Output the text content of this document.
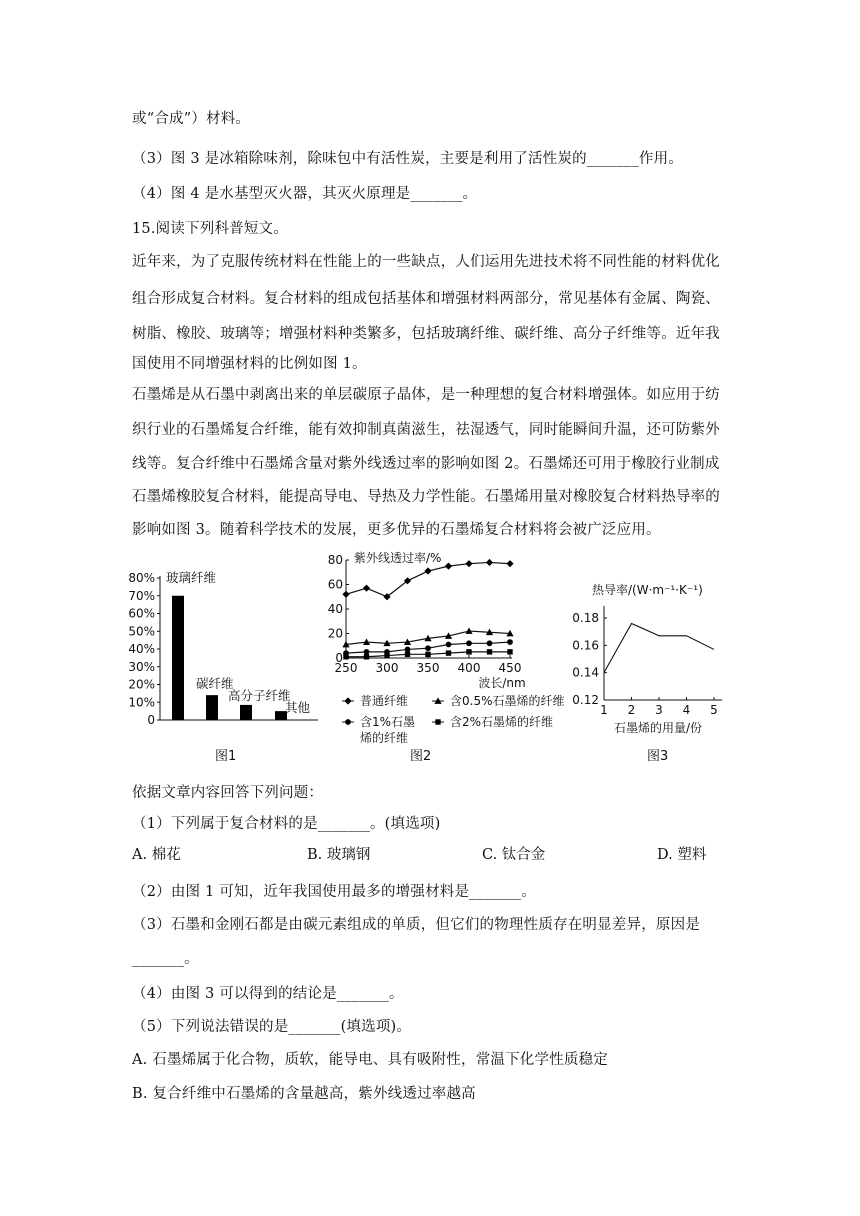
或“合成”）材料。
（3）图 3 是冰箱除味剂，除味包中有活性炭，主要是利用了活性炭的_______作用。
（4）图 4 是水基型灭火器，其灭火原理是_______。
15.阅读下列科普短文。
近年来，为了克服传统材料在性能上的一些缺点，人们运用先进技术将不同性能的材料优化
组合形成复合材料。复合材料的组成包括基体和增强材料两部分，常见基体有金属、陶瓷、
树脂、橡胶、玻璃等；增强材料种类繁多，包括玻璃纤维、碳纤维、高分子纤维等。近年我
国使用不同增强材料的比例如图 1。
石墨烯是从石墨中剥离出来的单层碳原子晶体，是一种理想的复合材料增强体。如应用于纺
织行业的石墨烯复合纤维，能有效抑制真菌滋生，祛湿透气，同时能瞬间升温，还可防紫外
线等。复合纤维中石墨烯含量对紫外线透过率的影响如图 2。石墨烯还可用于橡胶行业制成
石墨烯橡胶复合材料，能提高导电、导热及力学性能。石墨烯用量对橡胶复合材料热导率的
影响如图 3。随着科学技术的发展，更多优异的石墨烯复合材料将会被广泛应用。
0
10%
20%
30%
40%
50%
60%
70%
80% 玻璃纤维
碳纤维
高分子纤维
其他
图1
0
20
40
60
80
250 300 350 400 450
紫外线透过率/%
波长/nm
普通纤维	含0.5%石墨烯的纤维
含1%石墨	含2%石墨烯的纤维
烯的纤维
图2
0.12
0.14
0.16
0.18
1 2 3 4 5
热导率/(W·m⁻¹·K⁻¹)
石墨烯的用量/份
图3
依据文章内容回答下列问题：
（1）下列属于复合材料的是_______。(填选项)
A. 棉花	B. 玻璃钢	C. 钛合金	D. 塑料
（2）由图 1 可知，近年我国使用最多的增强材料是_______。
（3）石墨和金刚石都是由碳元素组成的单质，但它们的物理性质存在明显差异，原因是
_______。
（4）由图 3 可以得到的结论是_______。
（5）下列说法错误的是_______(填选项)。
A. 石墨烯属于化合物，质软，能导电、具有吸附性，常温下化学性质稳定
B. 复合纤维中石墨烯的含量越高，紫外线透过率越高
